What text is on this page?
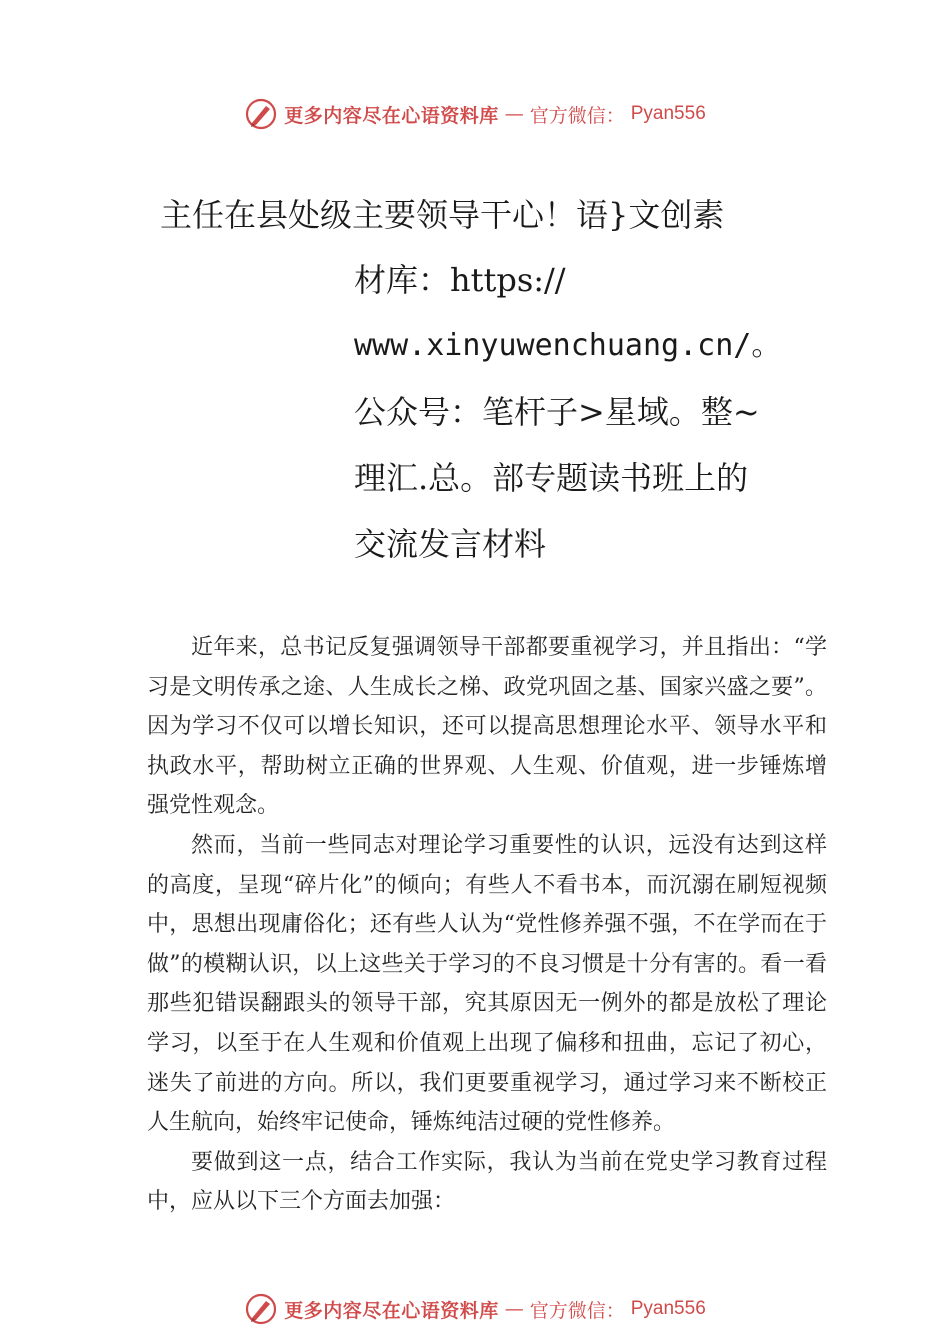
更多内容尽在心语资料库 — 官方微信： Pyan556
主任在县处级主要领导干心！语}文创素
材库：https://
www.xinyuwenchuang.cn/。
公众号：笔杆子>星域。整~
理汇.总。部专题读书班上的
交流发言材料

近年来，总书记反复强调领导干部都要重视学习，并且指出：“学习是文明传承之途、人生成长之梯、政党巩固之基、国家兴盛之要”。因为学习不仅可以增长知识，还可以提高思想理论水平、领导水平和执政水平，帮助树立正确的世界观、人生观、价值观，进一步锤炼增强党性观念。

然而，当前一些同志对理论学习重要性的认识，远没有达到这样的高度，呈现“碎片化”的倾向；有些人不看书本，而沉溺在刷短视频中，思想出现庸俗化；还有些人认为“党性修养强不强，不在学而在于做”的模糊认识，以上这些关于学习的不良习惯是十分有害的。看一看那些犯错误翻跟头的领导干部，究其原因无一例外的都是放松了理论学习，以至于在人生观和价值观上出现了偏移和扭曲，忘记了初心， 迷失了前进的方向。所以，我们更要重视学习，通过学习来不断校正人生航向，始终牢记使命，锤炼纯洁过硬的党性修养。

要做到这一点，结合工作实际，我认为当前在党史学习教育过程中，应从以下三个方面去加强：

更多内容尽在心语资料库 — 官方微信： Pyan556
